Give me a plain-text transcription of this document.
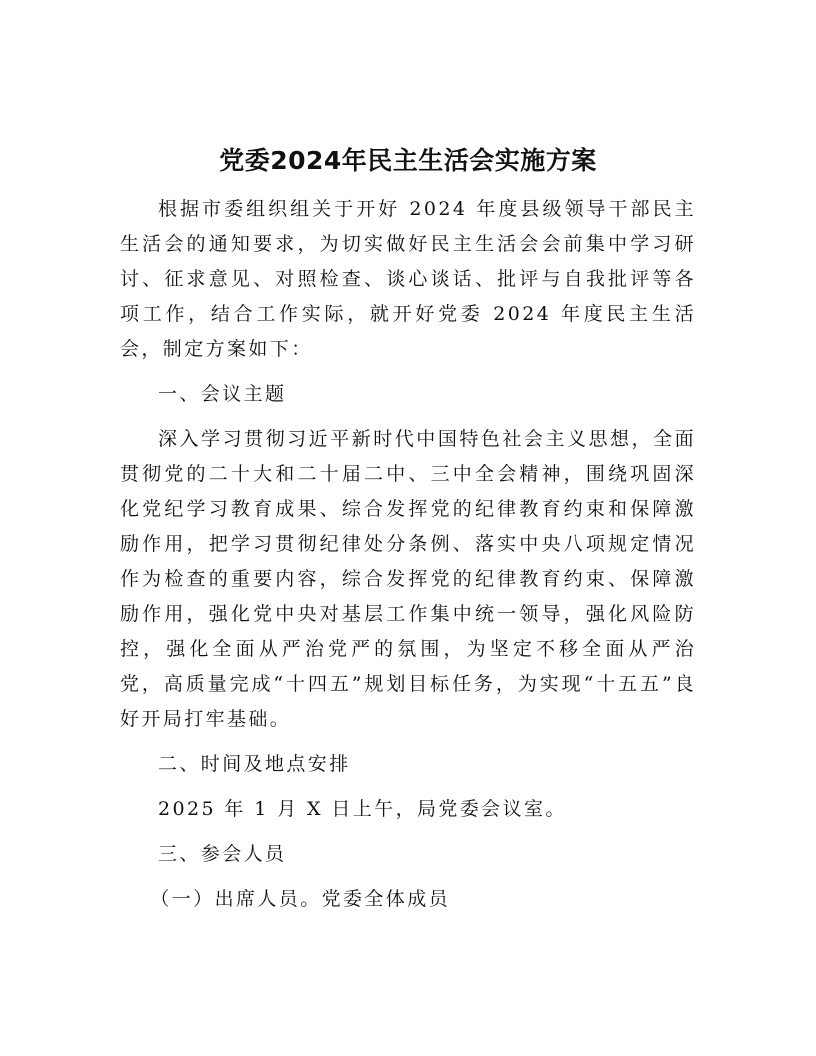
党委2024年民主生活会实施方案

根据市委组织组关于开好 2024 年度县级领导干部民主生活会的通知要求，为切实做好民主生活会会前集中学习研讨、征求意见、对照检查、谈心谈话、批评与自我批评等各项工作，结合工作实际，就开好党委 2024 年度民主生活会，制定方案如下：

一、会议主题

深入学习贯彻习近平新时代中国特色社会主义思想，全面贯彻党的二十大和二十届二中、三中全会精神，围绕巩固深化党纪学习教育成果、综合发挥党的纪律教育约束和保障激励作用，把学习贯彻纪律处分条例、落实中央八项规定情况作为检查的重要内容，综合发挥党的纪律教育约束、保障激励作用，强化党中央对基层工作集中统一领导，强化风险防控，强化全面从严治党严的氛围，为坚定不移全面从严治党，高质量完成“十四五”规划目标任务，为实现“十五五”良好开局打牢基础。

二、时间及地点安排

2025 年 1 月 X 日上午，局党委会议室。

三、参会人员

（一）出席人员。党委全体成员
